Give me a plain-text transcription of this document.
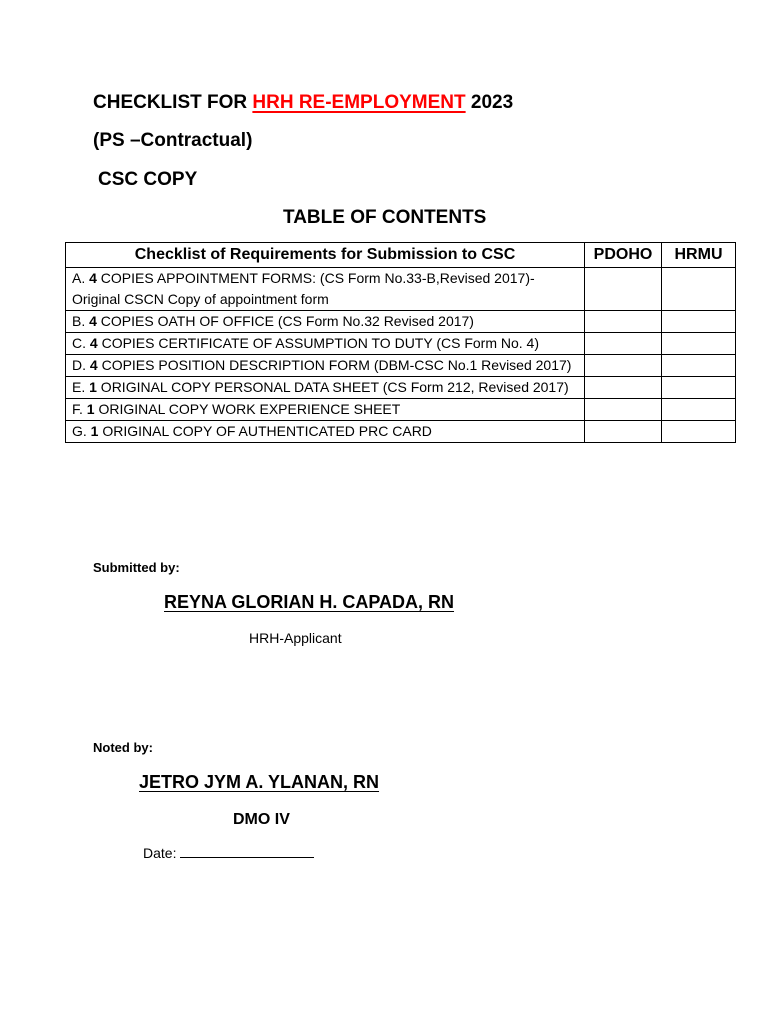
CHECKLIST FOR HRH RE-EMPLOYMENT 2023
(PS –Contractual)
CSC COPY
TABLE OF CONTENTS
Checklist of Requirements for Submission to CSC	PDOHO	HRMU
A. 4 COPIES APPOINTMENT FORMS: (CS Form No.33-B,Revised 2017)- Original CSCN Copy of appointment form		
B. 4 COPIES OATH OF OFFICE (CS Form No.32 Revised 2017)		
C. 4 COPIES CERTIFICATE OF ASSUMPTION TO DUTY (CS Form No. 4)		
D. 4 COPIES POSITION DESCRIPTION FORM (DBM-CSC No.1 Revised 2017)		
E. 1 ORIGINAL COPY PERSONAL DATA SHEET (CS Form 212, Revised 2017)		
F. 1 ORIGINAL COPY WORK EXPERIENCE SHEET		
G. 1 ORIGINAL COPY OF AUTHENTICATED PRC CARD		
Submitted by:
REYNA GLORIAN H. CAPADA, RN
HRH-Applicant
Noted by:
JETRO JYM A. YLANAN, RN
DMO IV
Date:
